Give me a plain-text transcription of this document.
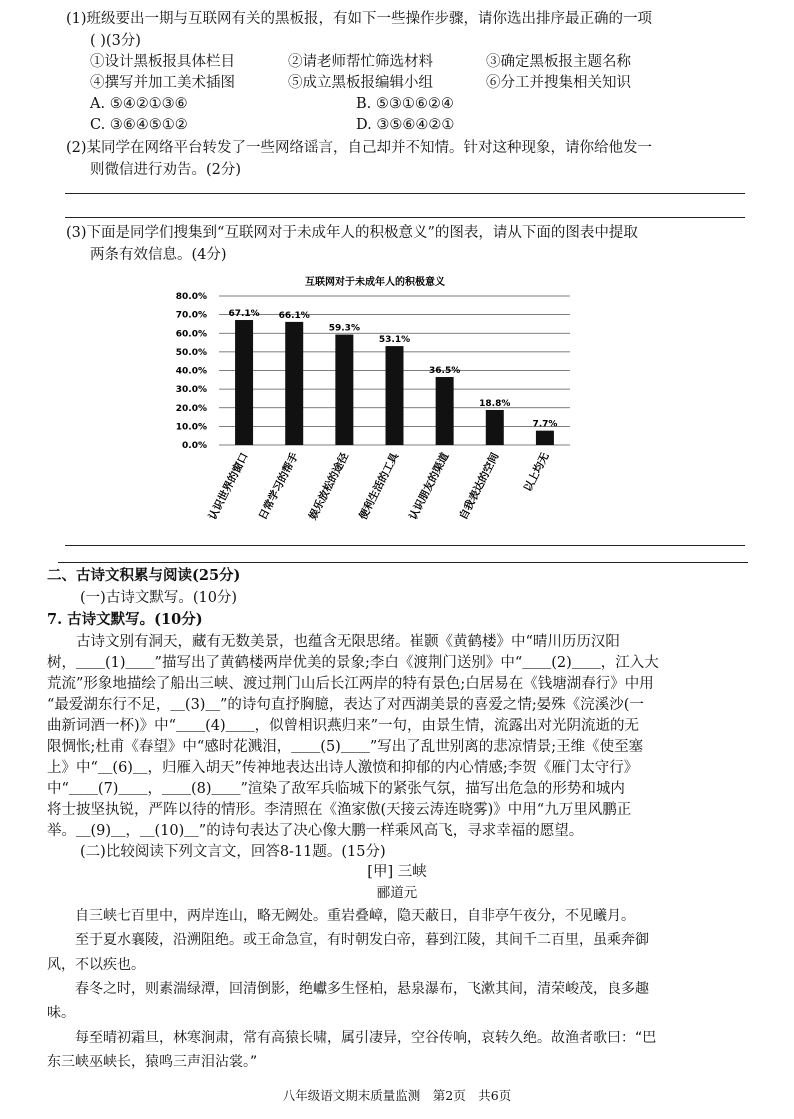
(1)班级要出一期与互联网有关的黑板报，有如下一些操作步骤，请你选出排序最正确的一项
( )(3分)
①设计黑板报具体栏目	②请老师帮忙筛选材料	③确定黑板报主题名称
④撰写并加工美术插图	⑤成立黑板报编辑小组	⑥分工并搜集相关知识
A. ⑤④②①③⑥	B. ⑤③①⑥②④
C. ③⑥④⑤①②	D. ③⑤⑥④②①
(2)某同学在网络平台转发了一些网络谣言，自己却并不知情。针对这种现象，请你给他发一
则微信进行劝告。(2分)
(3)下面是同学们搜集到“互联网对于未成年人的积极意义”的图表，请从下面的图表中提取
两条有效信息。(4分)
互联网对于未成年人的积极意义
0.0%
10.0%
20.0%
30.0%
40.0%
50.0%
60.0%
70.0%
80.0%
67.1% 66.1%
59.3%
53.1%
36.5%
18.8%
7.7%
认识世界的窗口 日常学习的帮手 娱乐放松的途径 便利生活的工具 认识朋友的渠道 自我表达的空间 以上均无
二、古诗文积累与阅读(25分)
(一)古诗文默写。(10分)
7. 古诗文默写。(10分)
　　古诗文别有洞天，藏有无数美景，也蕴含无限思绪。崔颢《黄鹤楼》中“晴川历历汉阳
树，＿＿(1)＿＿”描写出了黄鹤楼两岸优美的景象;李白《渡荆门送别》中“＿＿(2)＿＿，江入大
荒流”形象地描绘了船出三峡、渡过荆门山后长江两岸的特有景色;白居易在《钱塘湖春行》中用
“最爱湖东行不足，＿(3)＿”的诗句直抒胸臆，表达了对西湖美景的喜爱之情;晏殊《浣溪沙(一
曲新词酒一杯)》中“＿＿(4)＿＿，似曾相识燕归来”一句，由景生情，流露出对光阴流逝的无
限惆怅;杜甫《春望》中“感时花溅泪，＿＿(5)＿＿”写出了乱世别离的悲凉情景;王维《使至塞
上》中“＿(6)＿，归雁入胡天”传神地表达出诗人激愤和抑郁的内心情感;李贺《雁门太守行》
中“＿＿(7)＿＿，＿＿(8)＿＿”渲染了敌军兵临城下的紧张气氛，描写出危急的形势和城内
将士披坚执锐，严阵以待的情形。李清照在《渔家傲(天接云涛连晓雾)》中用“九万里风鹏正
举。＿(9)＿，＿(10)＿”的诗句表达了决心像大鹏一样乘风高飞，寻求幸福的愿望。
(二)比较阅读下列文言文，回答8-11题。(15分)
[甲] 三峡
郦道元
　　自三峡七百里中，两岸连山，略无阙处。重岩叠嶂，隐天蔽日，自非亭午夜分，不见曦月。
　　至于夏水襄陵，沿溯阻绝。或王命急宣，有时朝发白帝，暮到江陵，其间千二百里，虽乘奔御
风，不以疾也。
　　春冬之时，则素湍绿潭，回清倒影，绝巘多生怪柏，悬泉瀑布，飞漱其间，清荣峻茂，良多趣
味。
　　每至晴初霜旦，林寒涧肃，常有高猿长啸，属引凄异，空谷传响，哀转久绝。故渔者歌曰：“巴
东三峡巫峡长，猿鸣三声泪沾裳。”
八年级语文期末质量监测　第2页　共6页
